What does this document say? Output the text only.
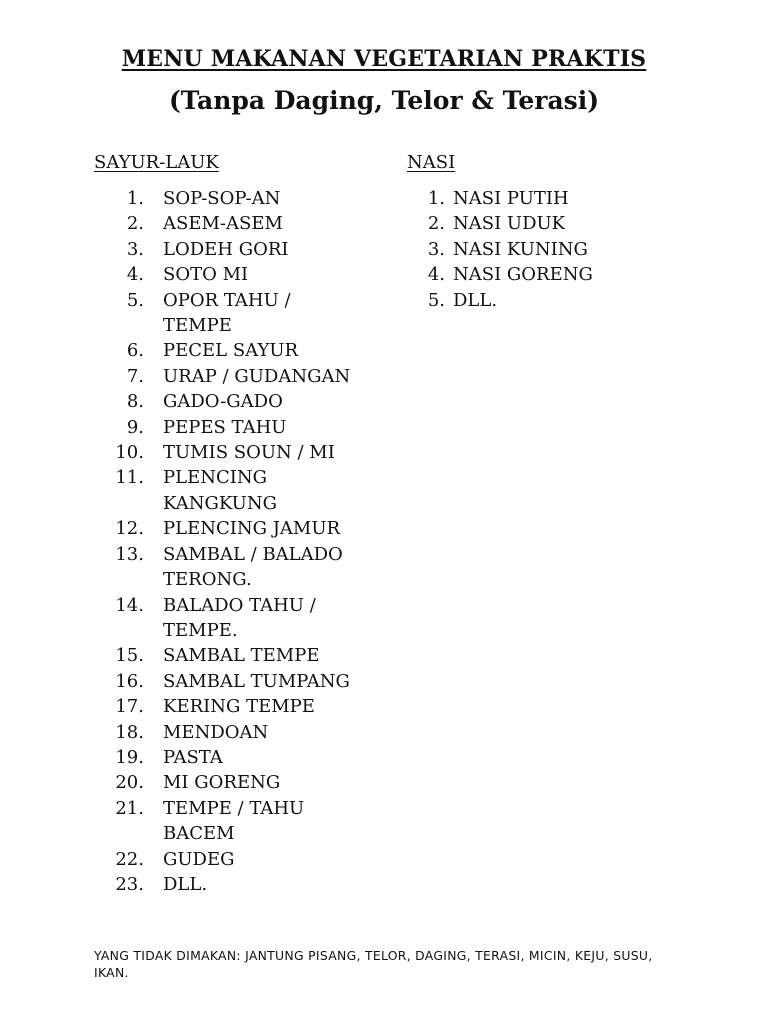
MENU MAKANAN VEGETARIAN PRAKTIS
(Tanpa Daging, Telor & Terasi)
SAYUR-LAUK	NASI
1. SOP-SOP-AN
2. ASEM-ASEM
3. LODEH GORI
4. SOTO MI
5. OPOR TAHU / TEMPE
6. PECEL SAYUR
7. URAP / GUDANGAN
8. GADO-GADO
9. PEPES TAHU
10. TUMIS SOUN / MI
11. PLENCING KANGKUNG
12. PLENCING JAMUR
13. SAMBAL / BALADO TERONG.
14. BALADO TAHU / TEMPE.
15. SAMBAL TEMPE
16. SAMBAL TUMPANG
17. KERING TEMPE
18. MENDOAN
19. PASTA
20. MI GORENG
21. TEMPE / TAHU BACEM
22. GUDEG
23. DLL.
1. NASI PUTIH
2. NASI UDUK
3. NASI KUNING
4. NASI GORENG
5. DLL.
YANG TIDAK DIMAKAN: JANTUNG PISANG, TELOR, DAGING, TERASI, MICIN, KEJU, SUSU, IKAN.
